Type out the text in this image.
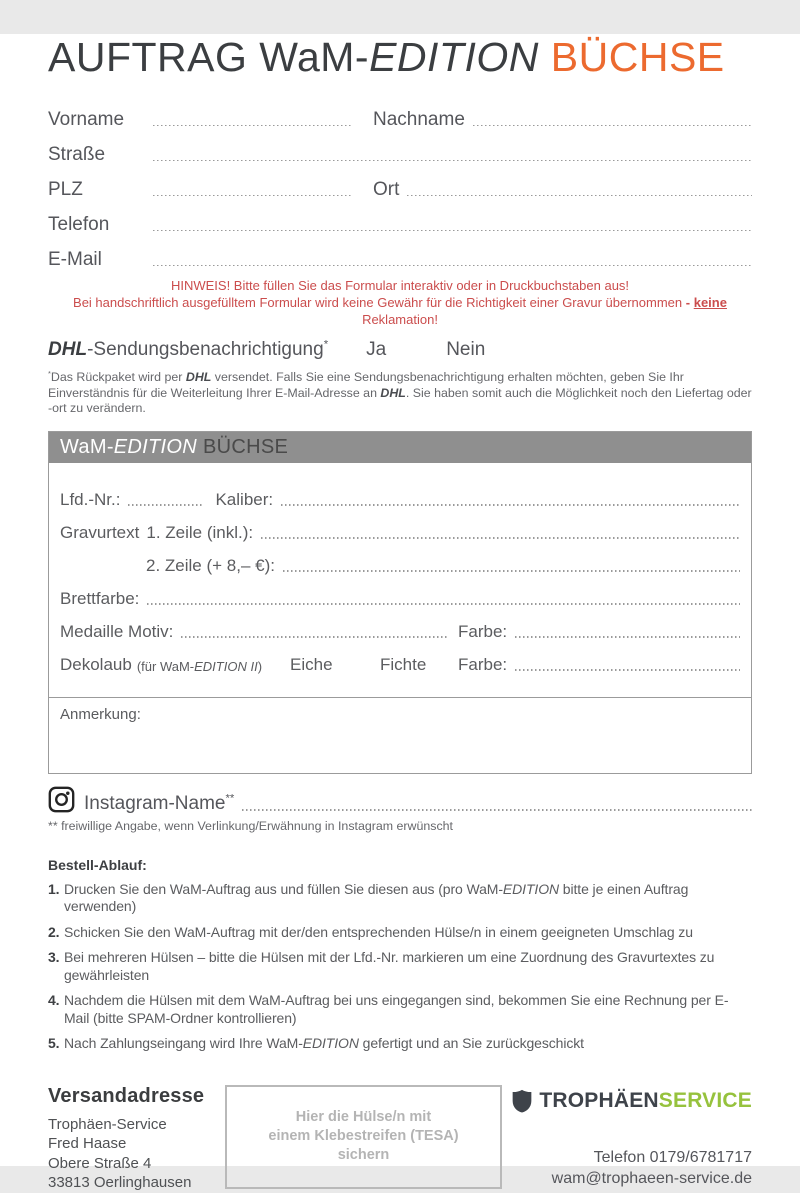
AUFTRAG WaM-EDITION BÜCHSE
Vorname	Nachname
Straße
PLZ	Ort
Telefon
E-Mail
HINWEIS! Bitte füllen Sie das Formular interaktiv oder in Druckbuchstaben aus!
Bei handschriftlich ausgefülltem Formular wird keine Gewähr für die Richtigkeit einer Gravur übernommen - keine Reklamation!
DHL-Sendungsbenachrichtigung* Ja	Nein
*Das Rückpaket wird per DHL versendet. Falls Sie eine Sendungsbenachrichtigung erhalten möchten, geben Sie Ihr Einverständnis für die Weiterleitung Ihrer E-Mail-Adresse an DHL. Sie haben somit auch die Möglichkeit noch den Liefertag oder -ort zu verändern.
WaM-EDITION BÜCHSE
Lfd.-Nr.:	Kaliber:
Gravurtext 1. Zeile (inkl.):
2. Zeile (+ 8,– €):
Brettfarbe:
Medaille Motiv:	Farbe:
Dekolaub (für WaM-EDITION II) Eiche	Fichte Farbe:
Anmerkung:
Instagram-Name**
** freiwillige Angabe, wenn Verlinkung/Erwähnung in Instagram erwünscht
Bestell-Ablauf:
1. Drucken Sie den WaM-Auftrag aus und füllen Sie diesen aus (pro WaM-EDITION bitte je einen Auftrag verwenden)
2. Schicken Sie den WaM-Auftrag mit der/den entsprechenden Hülse/n in einem geeigneten Umschlag zu
3. Bei mehreren Hülsen – bitte die Hülsen mit der Lfd.-Nr. markieren um eine Zuordnung des Gravurtextes zu gewährleisten
4. Nachdem die Hülsen mit dem WaM-Auftrag bei uns eingegangen sind, bekommen Sie eine Rechnung per E-Mail (bitte SPAM-Ordner kontrollieren)
5. Nach Zahlungseingang wird Ihre WaM-EDITION gefertigt und an Sie zurückgeschickt
Versandadresse
Trophäen-Service
Fred Haase
Obere Straße 4
33813 Oerlinghausen
Hier die Hülse/n mit
einem Klebestreifen (TESA)
sichern
TROPHÄEN SERVICE
Telefon 0179/6781717
wam@trophaeen-service.de
